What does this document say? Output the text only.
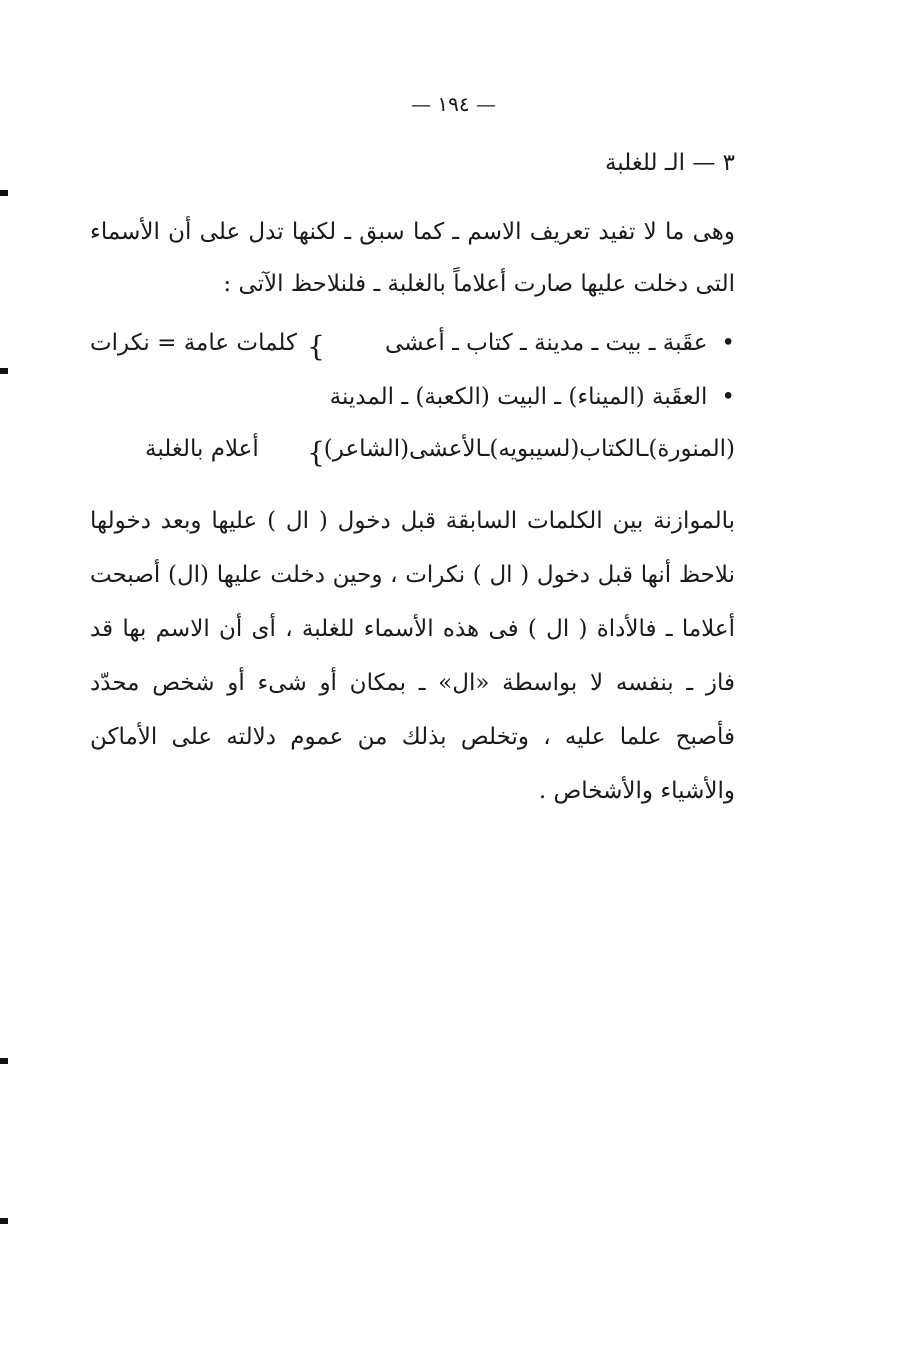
— ١٩٤ —
٣ — الـ للغلبة
وهى ما لا تفيد تعريف الاسم ـ كما سبق ـ لكنها تدل على أن الأسماء التى دخلت عليها صارت أعلاماً بالغلبة ـ فلنلاحظ الآتى :
• عقَبة ـ بيت ـ مدينة ـ كتاب ـ أعشى
}
كلمات عامة = نكرات
• العقَبة (الميناء) ـ البيت (الكعبة) ـ المدينة
(المنورة)ـالكتاب(لسيبويه)ـالأعشى(الشاعر)
}
أعلام بالغلبة
بالموازنة بين الكلمات السابقة قبل دخول ( ال ) عليها وبعد دخولها نلاحظ أنها قبل دخول ( ال ) نكرات ، وحين دخلت عليها (ال) أصبحت أعلاما ـ فالأداة ( ال ) فى هذه الأسماء للغلبة ، أى أن الاسم بها قد فاز ـ بنفسه لا بواسطة «ال» ـ بمكان أو شىء أو شخص محدّد فأصبح علما عليه ، وتخلص بذلك من عموم دلالته على الأماكن والأشياء والأشخاص .
